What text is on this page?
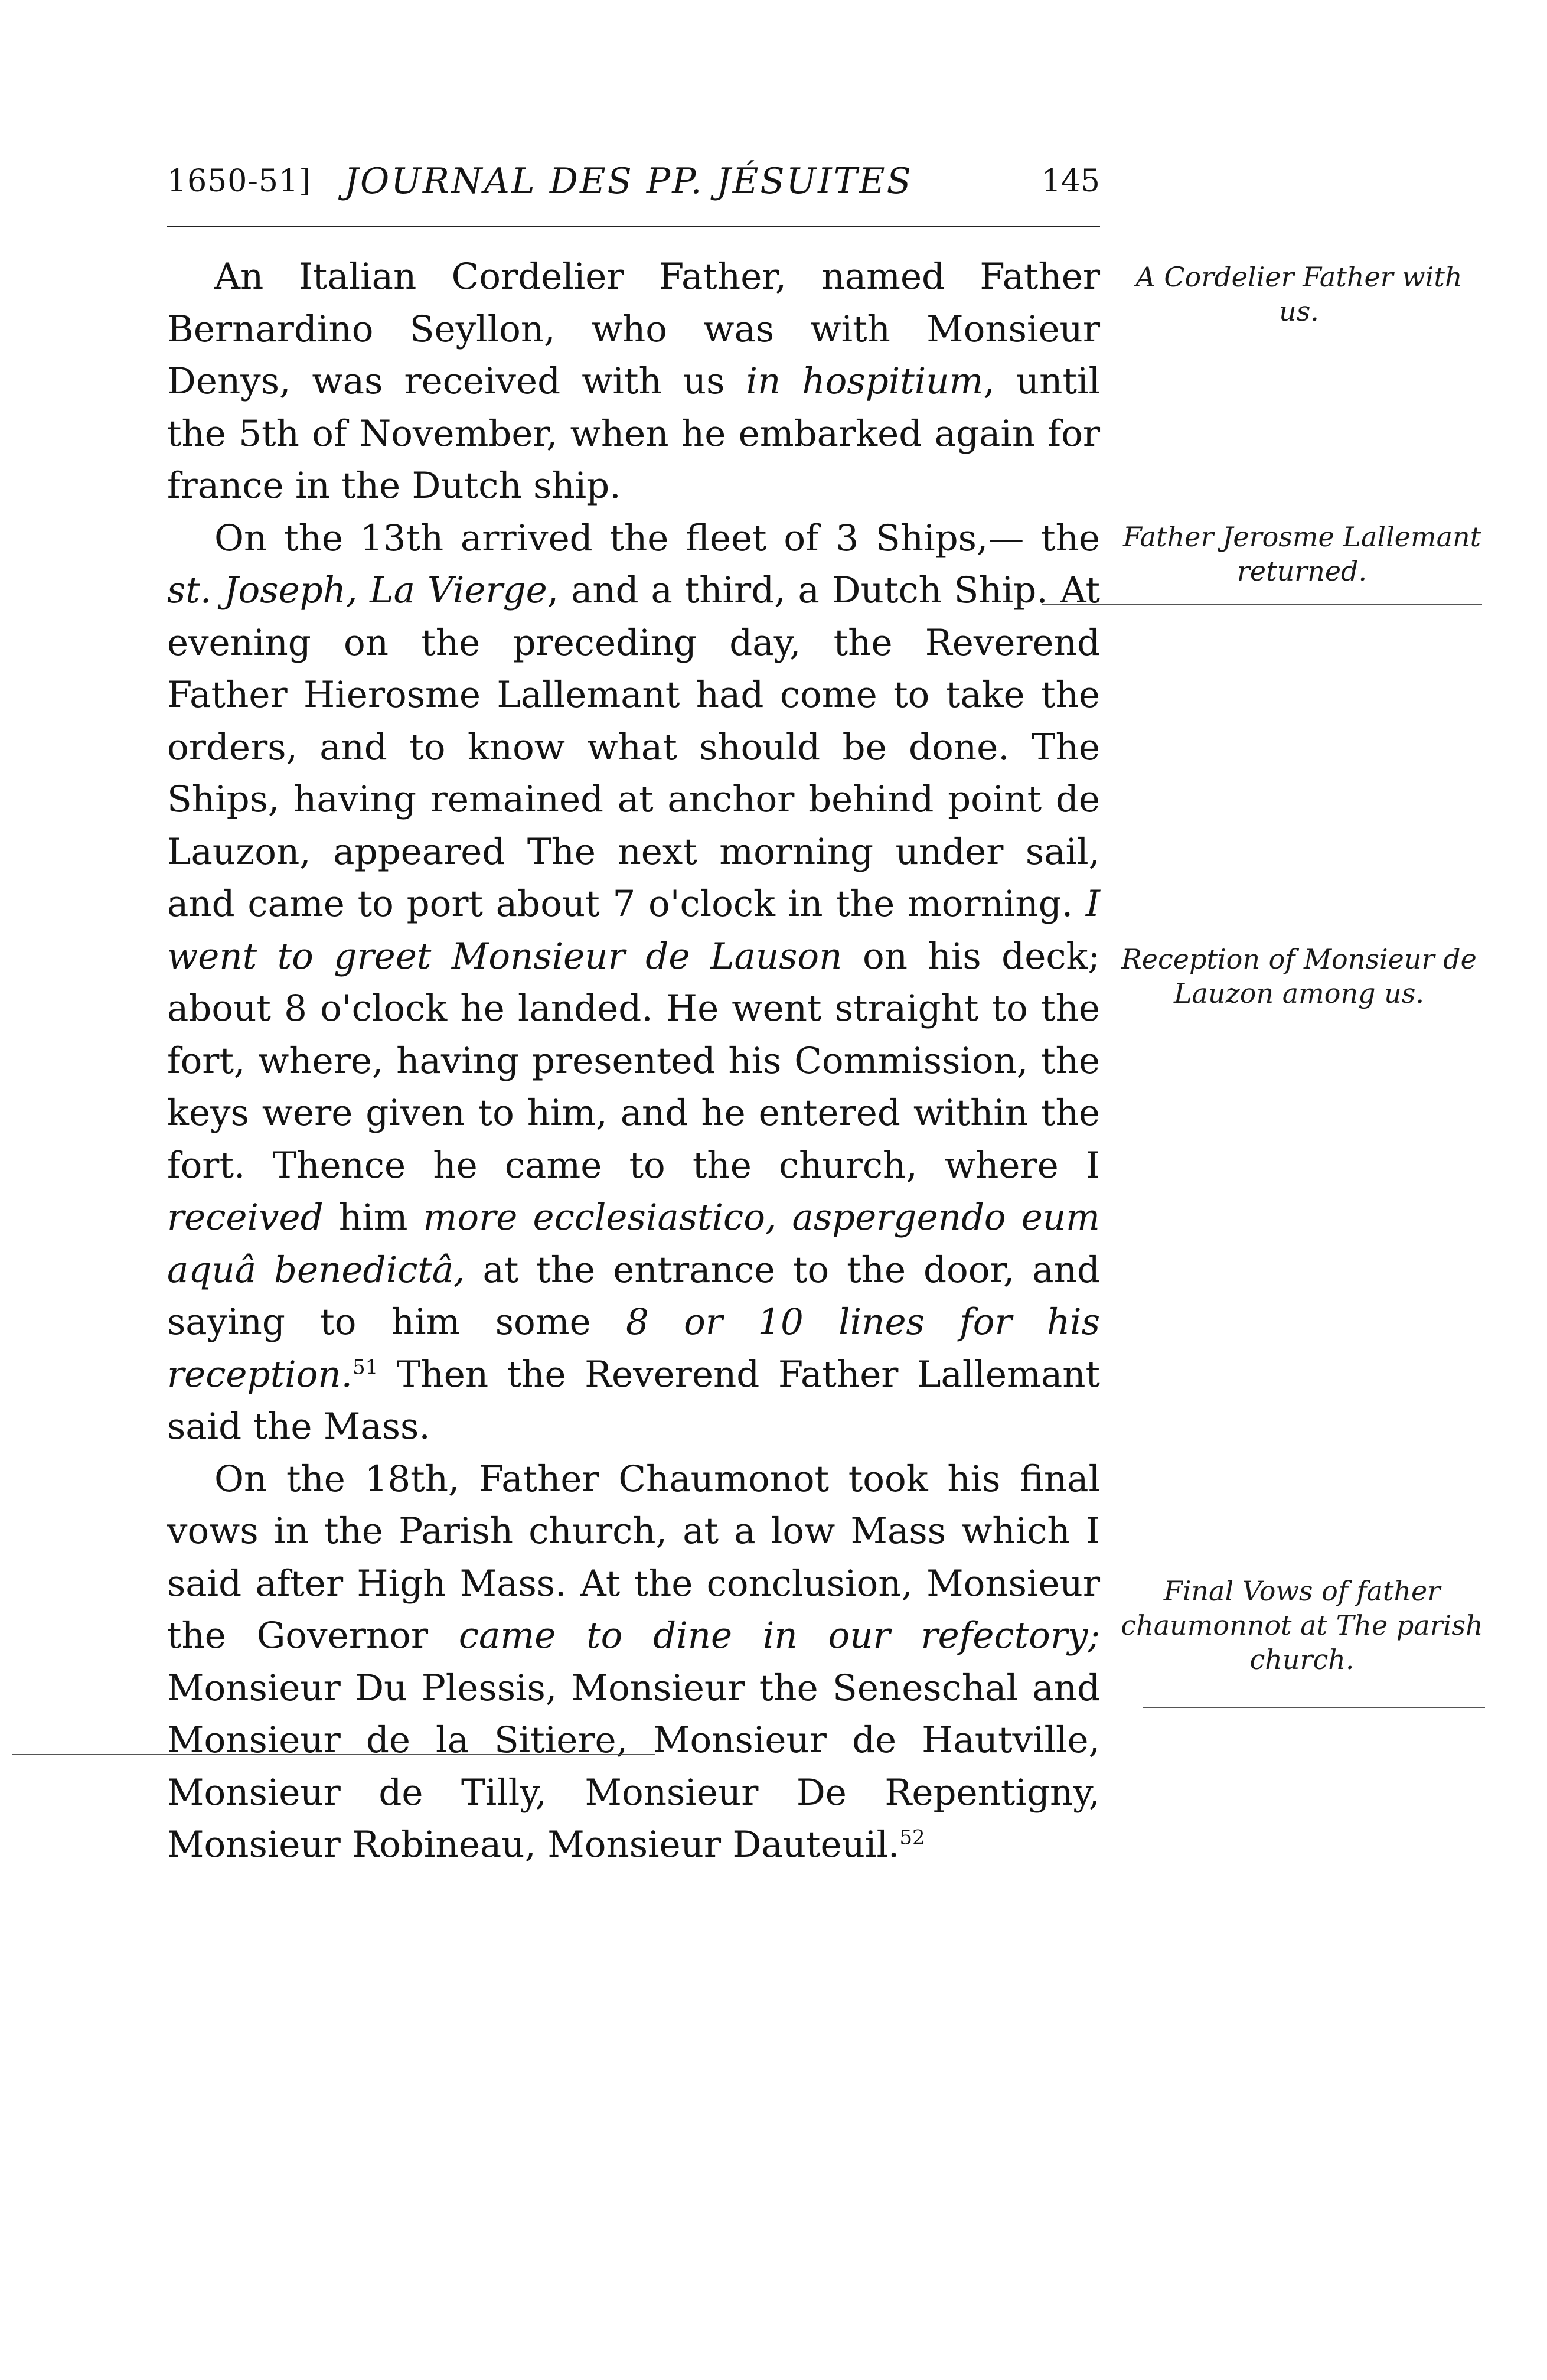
1650-51] JOURNAL DES PP. JÉSUITES	145

An Italian Cordelier Father, named Father Bernardino Seyllon, who was with Monsieur Denys, was received with us in hospitium, until the 5th of November, when he embarked again for france in the Dutch ship.

On the 13th arrived the fleet of 3 Ships,— the st. Joseph, La Vierge, and a third, a Dutch Ship. At evening on the preceding day, the Reverend Father Hierosme Lallemant had come to take the orders, and to know what should be done. The Ships, having remained at anchor behind point de Lauzon, appeared The next morning under sail, and came to port about 7 o'clock in the morning. I went to greet Monsieur de Lauson on his deck; about 8 o'clock he landed. He went straight to the fort, where, having presented his Commission, the keys were given to him, and he entered within the fort. Thence he came to the church, where I received him more ecclesiastico, aspergendo eum aquâ benedictâ, at the entrance to the door, and saying to him some 8 or 10 lines for his reception.$^{51}$ Then the Reverend Father Lallemant said the Mass.

On the 18th, Father Chaumonot took his final vows in the Parish church, at a low Mass which I said after High Mass. At the conclusion, Monsieur the Governor came to dine in our refectory; Monsieur Du Plessis, Monsieur the Seneschal and Monsieur de la Sitiere, Monsieur de Hautville, Monsieur de Tilly, Monsieur De Repentigny, Monsieur Robineau, Monsieur Dauteuil.$^{52}$

A Cordelier Father with us.
Father Jerosme Lallemant returned.
Reception of Monsieur de Lauzon among us.
Final Vows of father chaumonnot at The parish church.
